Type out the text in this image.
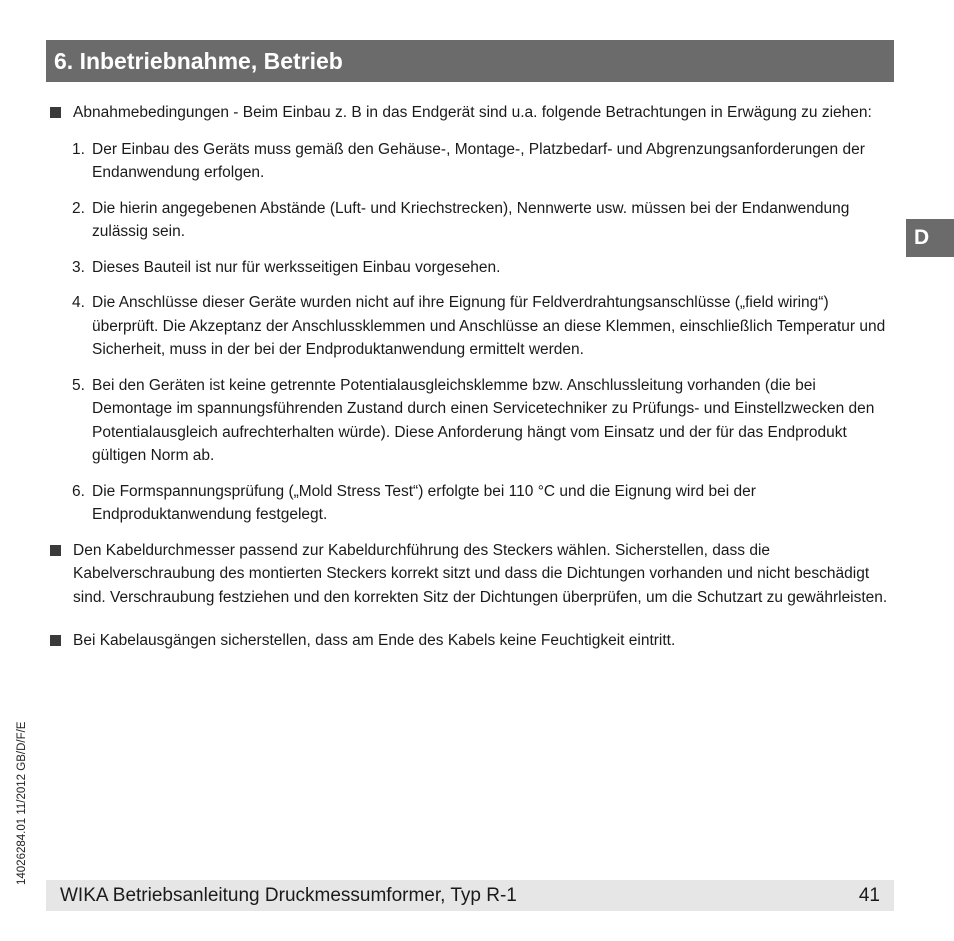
6. Inbetriebnahme, Betrieb
D
14026284.01 11/2012 GB/D/F/E
Abnahmebedingungen - Beim Einbau z. B in das Endgerät sind u.a. folgende Betrachtungen in Erwägung zu ziehen:
1. Der Einbau des Geräts muss gemäß den Gehäuse-, Montage-, Platzbedarf- und Abgrenzungsanforderungen der Endanwendung erfolgen.
2. Die hierin angegebenen Abstände (Luft- und Kriechstrecken), Nennwerte usw. müssen bei der Endanwendung zulässig sein.
3. Dieses Bauteil ist nur für werksseitigen Einbau vorgesehen.
4. Die Anschlüsse dieser Geräte wurden nicht auf ihre Eignung für Feldverdrahtungsanschlüsse („field wiring“) überprüft. Die Akzeptanz der Anschlussklemmen und Anschlüsse an diese Klemmen, einschließlich Temperatur und Sicherheit, muss in der bei der Endproduktanwendung ermittelt werden.
5. Bei den Geräten ist keine getrennte Potentialausgleichsklemme bzw. Anschlussleitung vorhanden (die bei Demontage im spannungsführenden Zustand durch einen Servicetechniker zu Prüfungs- und Einstellzwecken den Potentialausgleich aufrechterhalten würde). Diese Anforderung hängt vom Einsatz und der für das Endprodukt gültigen Norm ab.
6. Die Formspannungsprüfung („Mold Stress Test“) erfolgte bei 110 °C und die Eignung wird bei der Endproduktanwendung festgelegt.
Den Kabeldurchmesser passend zur Kabeldurchführung des Steckers wählen. Sicherstellen, dass die Kabelverschraubung des montierten Steckers korrekt sitzt und dass die Dichtungen vorhanden und nicht beschädigt sind. Verschraubung festziehen und den korrekten Sitz der Dichtungen überprüfen, um die Schutzart zu gewährleisten.
Bei Kabelausgängen sicherstellen, dass am Ende des Kabels keine Feuchtigkeit eintritt.
WIKA Betriebsanleitung Druckmessumformer, Typ R-1	41
